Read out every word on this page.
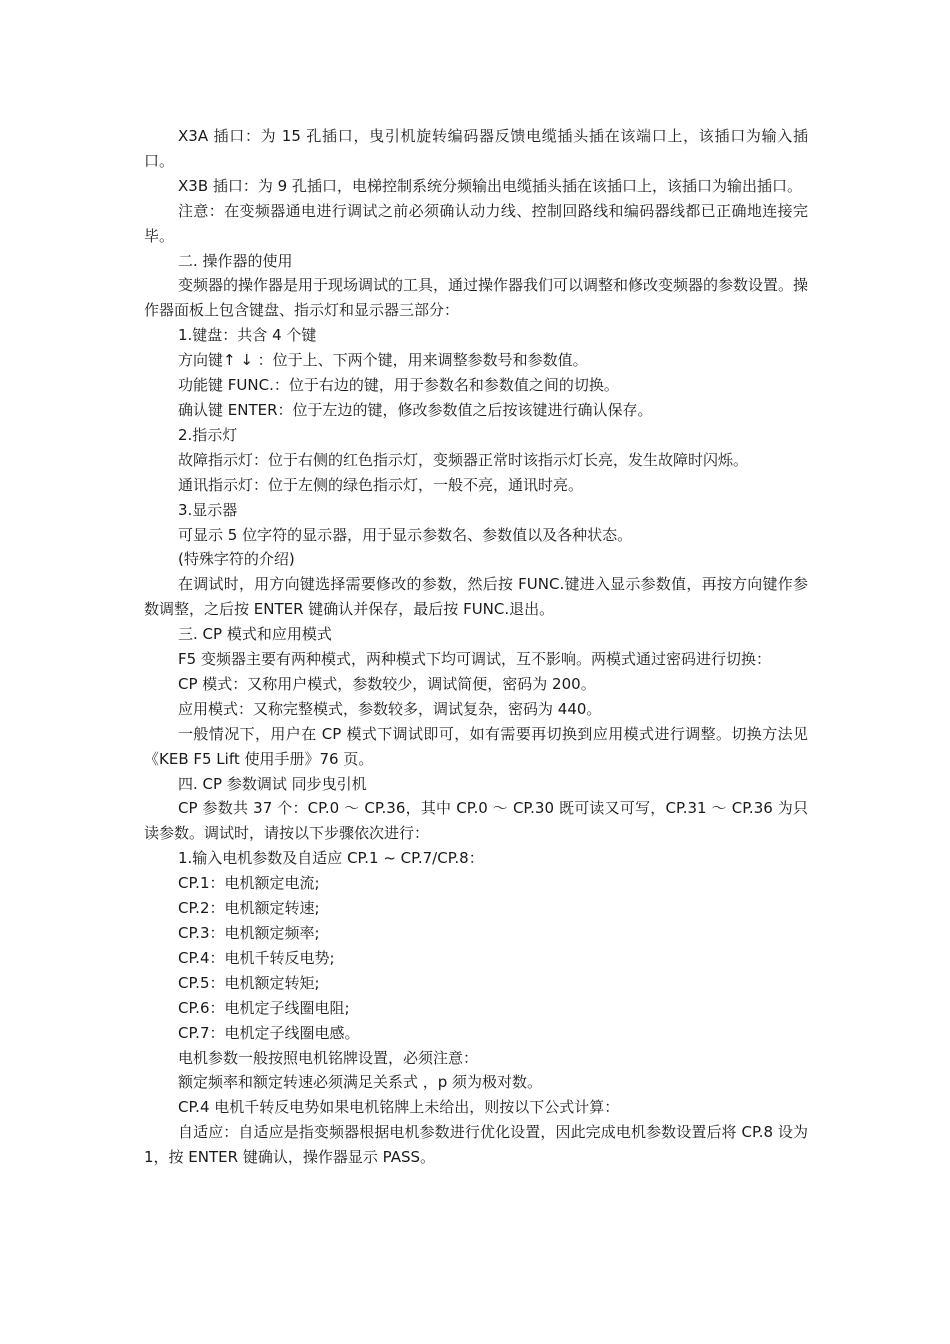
X3A 插口：为 15 孔插口，曳引机旋转编码器反馈电缆插头插在该端口上，该插口为输入插口。

X3B 插口：为 9 孔插口，电梯控制系统分频输出电缆插头插在该插口上，该插口为输出插口。

注意：在变频器通电进行调试之前必须确认动力线、控制回路线和编码器线都已正确地连接完毕。

二. 操作器的使用

变频器的操作器是用于现场调试的工具，通过操作器我们可以调整和修改变频器的参数设置。操作器面板上包含键盘、指示灯和显示器三部分：

1.键盘：共含 4 个键

方向键↑ ↓ ：位于上、下两个键，用来调整参数号和参数值。

功能键 FUNC.：位于右边的键，用于参数名和参数值之间的切换。

确认键 ENTER：位于左边的键，修改参数值之后按该键进行确认保存。

2.指示灯

故障指示灯：位于右侧的红色指示灯，变频器正常时该指示灯长亮，发生故障时闪烁。

通讯指示灯：位于左侧的绿色指示灯，一般不亮，通讯时亮。

3.显示器

可显示 5 位字符的显示器，用于显示参数名、参数值以及各种状态。

(特殊字符的介绍)

在调试时，用方向键选择需要修改的参数，然后按 FUNC.键进入显示参数值，再按方向键作参数调整，之后按 ENTER 键确认并保存，最后按 FUNC.退出。

三. CP 模式和应用模式

F5 变频器主要有两种模式，两种模式下均可调试，互不影响。两模式通过密码进行切换：

CP 模式：又称用户模式，参数较少，调试简便，密码为 200。

应用模式：又称完整模式，参数较多，调试复杂，密码为 440。

一般情况下，用户在 CP 模式下调试即可，如有需要再切换到应用模式进行调整。切换方法见《KEB F5 Lift 使用手册》76 页。

四. CP 参数调试 同步曳引机

CP 参数共 37 个：CP.0 ～ CP.36，其中 CP.0 ～ CP.30 既可读又可写，CP.31 ～ CP.36 为只读参数。调试时，请按以下步骤依次进行：

1.输入电机参数及自适应 CP.1 ~ CP.7/CP.8：

CP.1：电机额定电流;

CP.2：电机额定转速;

CP.3：电机额定频率;

CP.4：电机千转反电势;

CP.5：电机额定转矩;

CP.6：电机定子线圈电阻;

CP.7：电机定子线圈电感。

电机参数一般按照电机铭牌设置，必须注意：

额定频率和额定转速必须满足关系式 ，p 须为极对数。

CP.4 电机千转反电势如果电机铭牌上未给出，则按以下公式计算：

自适应：自适应是指变频器根据电机参数进行优化设置，因此完成电机参数设置后将 CP.8 设为 1，按 ENTER 键确认，操作器显示 PASS。
